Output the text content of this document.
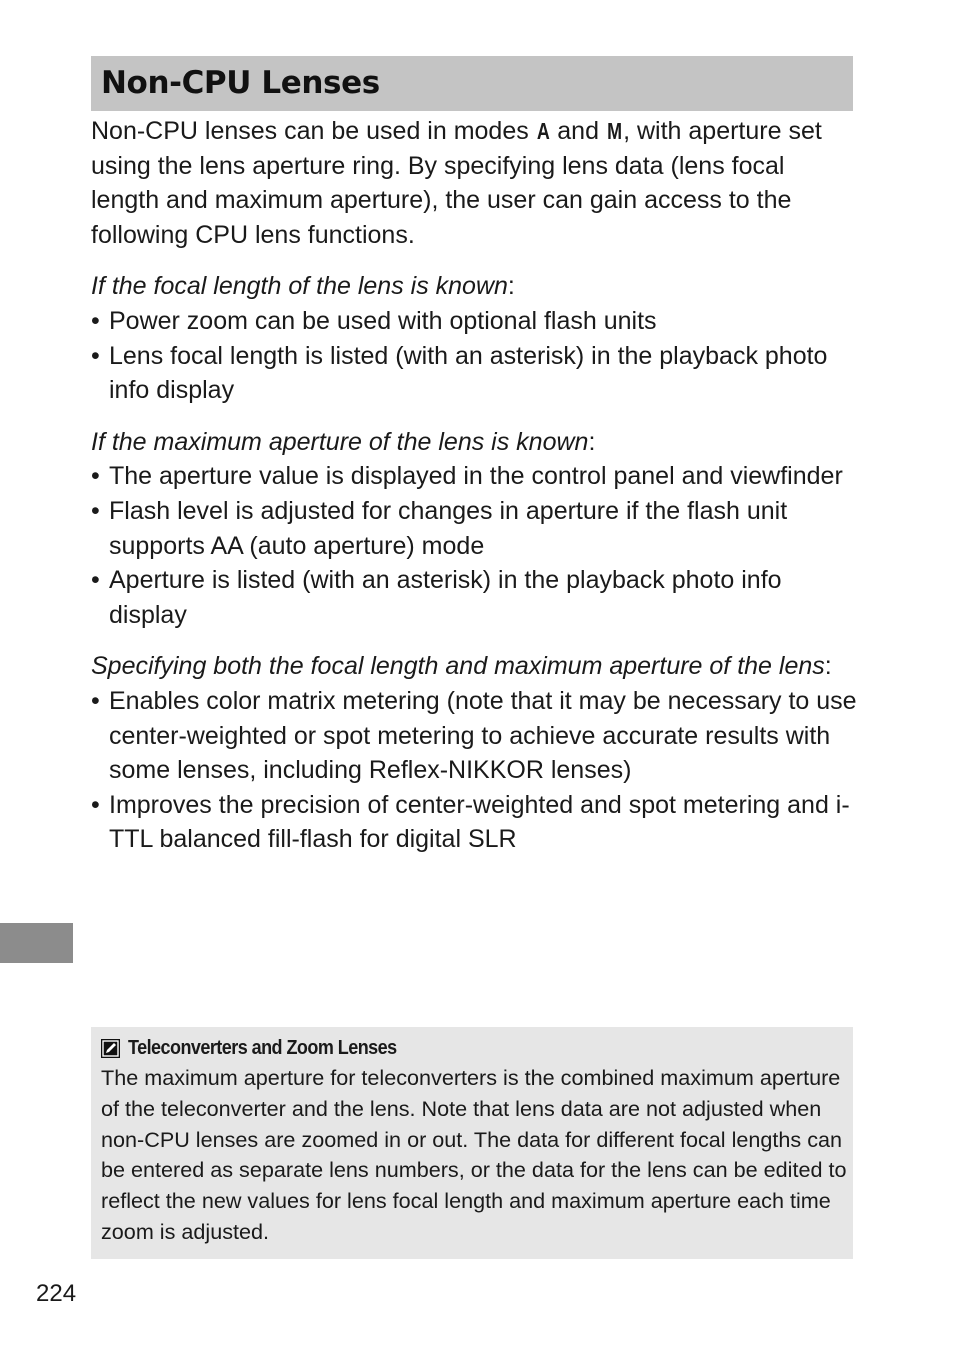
Non-CPU Lenses

Non-CPU lenses can be used in modes A and M, with aperture set using the lens aperture ring. By specifying lens data (lens focal length and maximum aperture), the user can gain access to the following CPU lens functions.

If the focal length of the lens is known:

• Power zoom can be used with optional flash units
• Lens focal length is listed (with an asterisk) in the playback photo info display

If the maximum aperture of the lens is known:

• The aperture value is displayed in the control panel and viewfinder
• Flash level is adjusted for changes in aperture if the flash unit supports AA (auto aperture) mode
• Aperture is listed (with an asterisk) in the playback photo info display

Specifying both the focal length and maximum aperture of the lens:

• Enables color matrix metering (note that it may be necessary to use center-weighted or spot metering to achieve accurate results with some lenses, including Reflex-NIKKOR lenses)
• Improves the precision of center-weighted and spot metering and i-TTL balanced fill-flash for digital SLR
Teleconverters and Zoom Lenses

The maximum aperture for teleconverters is the combined maximum aperture of the teleconverter and the lens. Note that lens data are not adjusted when non-CPU lenses are zoomed in or out. The data for different focal lengths can be entered as separate lens numbers, or the data for the lens can be edited to reflect the new values for lens focal length and maximum aperture each time zoom is adjusted.

224
